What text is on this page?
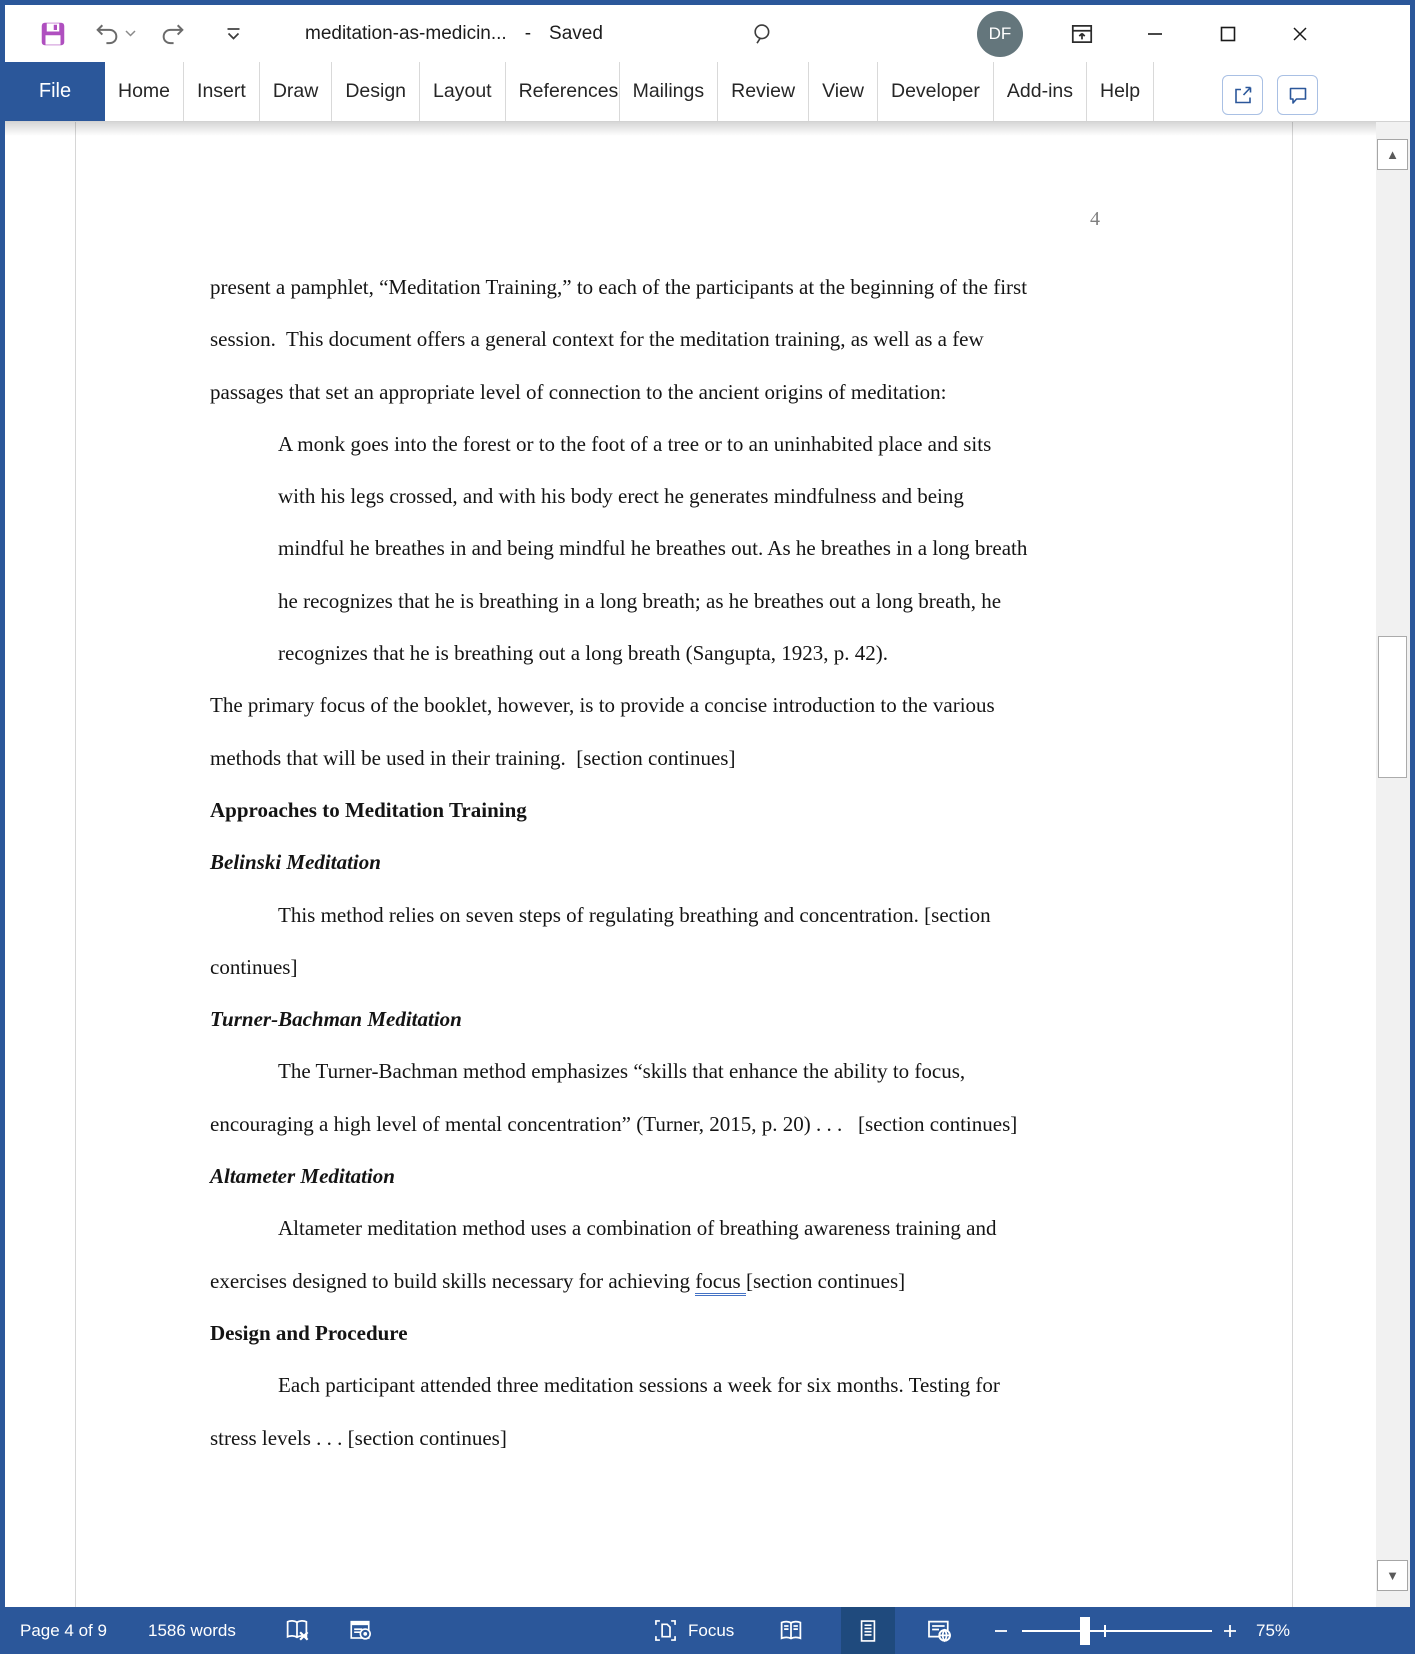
meditation-as-medicin... - Saved	DF
File Home Insert Draw Design Layout References Mailings Review View Developer Add-ins Help
4
present a pamphlet, “Meditation Training,” to each of the participants at the beginning of the first
session.  This document offers a general context for the meditation training, as well as a few
passages that set an appropriate level of connection to the ancient origins of meditation:
A monk goes into the forest or to the foot of a tree or to an uninhabited place and sits
with his legs crossed, and with his body erect he generates mindfulness and being
mindful he breathes in and being mindful he breathes out. As he breathes in a long breath
he recognizes that he is breathing in a long breath; as he breathes out a long breath, he
recognizes that he is breathing out a long breath (Sangupta, 1923, p. 42).
The primary focus of the booklet, however, is to provide a concise introduction to the various
methods that will be used in their training.  [section continues]
Approaches to Meditation Training
Belinski Meditation
This method relies on seven steps of regulating breathing and concentration. [section
continues]
Turner-Bachman Meditation
The Turner-Bachman method emphasizes “skills that enhance the ability to focus,
encouraging a high level of mental concentration” (Turner, 2015, p. 20) . . .   [section continues]
Altameter Meditation
Altameter meditation method uses a combination of breathing awareness training and
exercises designed to build skills necessary for achieving focus [section continues]
Design and Procedure
Each participant attended three meditation sessions a week for six months. Testing for
stress levels . . . [section continues]
▲
▼
Page 4 of 9 1586 words	Focus	75%
